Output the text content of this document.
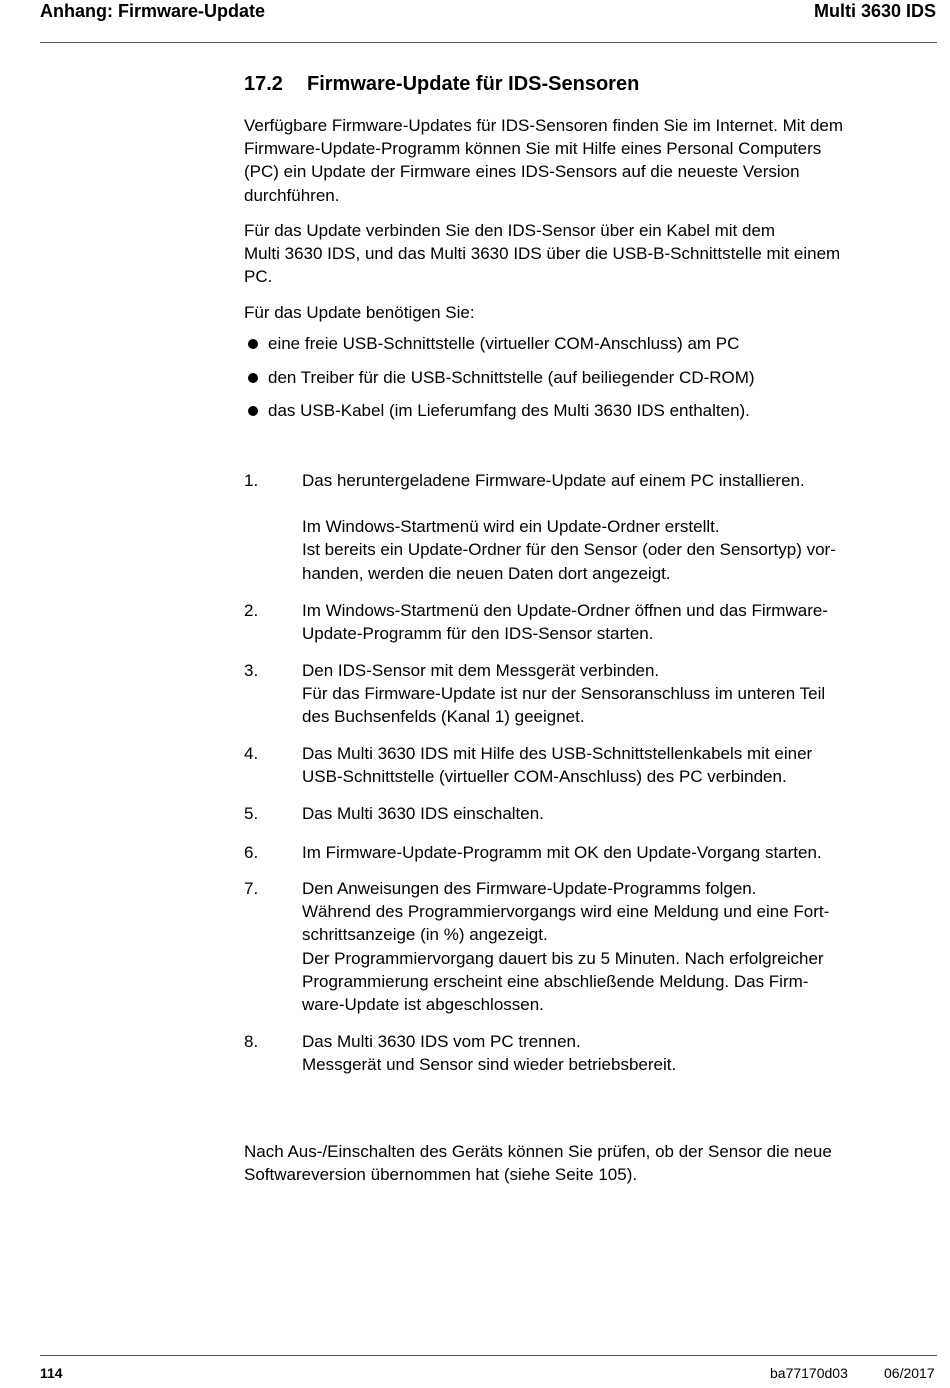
Anhang: Firmware-Update	Multi 3630 IDS
17.2 Firmware-Update für IDS-Sensoren
Verfügbare Firmware-Updates für IDS-Sensoren finden Sie im Internet. Mit dem
Firmware-Update-Programm können Sie mit Hilfe eines Personal Computers
(PC) ein Update der Firmware eines IDS-Sensors auf die neueste Version
durchführen.
Für das Update verbinden Sie den IDS-Sensor über ein Kabel mit dem
Multi 3630 IDS, und das Multi 3630 IDS über die USB-B-Schnittstelle mit einem
PC.
Für das Update benötigen Sie:
eine freie USB-Schnittstelle (virtueller COM-Anschluss) am PC
den Treiber für die USB-Schnittstelle (auf beiliegender CD-ROM)
das USB-Kabel (im Lieferumfang des Multi 3630 IDS enthalten).
1.	Das heruntergeladene Firmware-Update auf einem PC installieren.
Im Windows-Startmenü wird ein Update-Ordner erstellt.
Ist bereits ein Update-Ordner für den Sensor (oder den Sensortyp) vor-
handen, werden die neuen Daten dort angezeigt.
2.	Im Windows-Startmenü den Update-Ordner öffnen und das Firmware-
Update-Programm für den IDS-Sensor starten.
3.	Den IDS-Sensor mit dem Messgerät verbinden.
Für das Firmware-Update ist nur der Sensoranschluss im unteren Teil
des Buchsenfelds (Kanal 1) geeignet.
4.	Das Multi 3630 IDS mit Hilfe des USB-Schnittstellenkabels mit einer
USB-Schnittstelle (virtueller COM-Anschluss) des PC verbinden.
5.	Das Multi 3630 IDS einschalten.
6.	Im Firmware-Update-Programm mit OK den Update-Vorgang starten.
7.	Den Anweisungen des Firmware-Update-Programms folgen.
Während des Programmiervorgangs wird eine Meldung und eine Fort-
schrittsanzeige (in %) angezeigt.
Der Programmiervorgang dauert bis zu 5 Minuten. Nach erfolgreicher
Programmierung erscheint eine abschließende Meldung. Das Firm-
ware-Update ist abgeschlossen.
8.	Das Multi 3630 IDS vom PC trennen.
Messgerät und Sensor sind wieder betriebsbereit.
Nach Aus-/Einschalten des Geräts können Sie prüfen, ob der Sensor die neue
Softwareversion übernommen hat (siehe Seite 105).
114	ba77170d03	06/2017
